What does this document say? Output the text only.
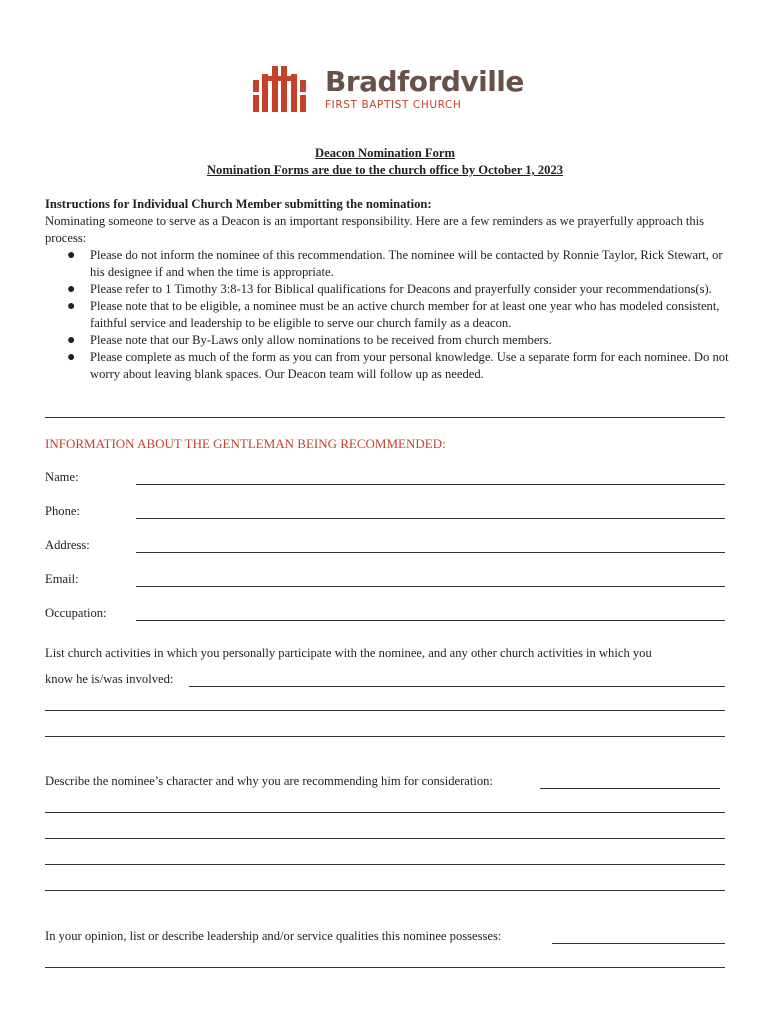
Bradfordville
FIRST BAPTIST CHURCH
Deacon Nomination Form
Nomination Forms are due to the church office by October 1, 2023
Instructions for Individual Church Member submitting the nomination:
Nominating someone to serve as a Deacon is an important responsibility. Here are a few reminders as we prayerfully approach this process:
● Please do not inform the nominee of this recommendation. The nominee will be contacted by Ronnie Taylor, Rick Stewart, or his designee if and when the time is appropriate.
● Please refer to 1 Timothy 3:8-13 for Biblical qualifications for Deacons and prayerfully consider your recommendations(s).
● Please note that to be eligible, a nominee must be an active church member for at least one year who has modeled consistent, faithful service and leadership to be eligible to serve our church family as a deacon.
● Please note that our By-Laws only allow nominations to be received from church members.
● Please complete as much of the form as you can from your personal knowledge. Use a separate form for each nominee. Do not worry about leaving blank spaces. Our Deacon team will follow up as needed.
INFORMATION ABOUT THE GENTLEMAN BEING RECOMMENDED:
Name:
Phone:
Address:
Email:
Occupation:
List church activities in which you personally participate with the nominee, and any other church activities in which you
know he is/was involved:
Describe the nominee’s character and why you are recommending him for consideration:
In your opinion, list or describe leadership and/or service qualities this nominee possesses:
